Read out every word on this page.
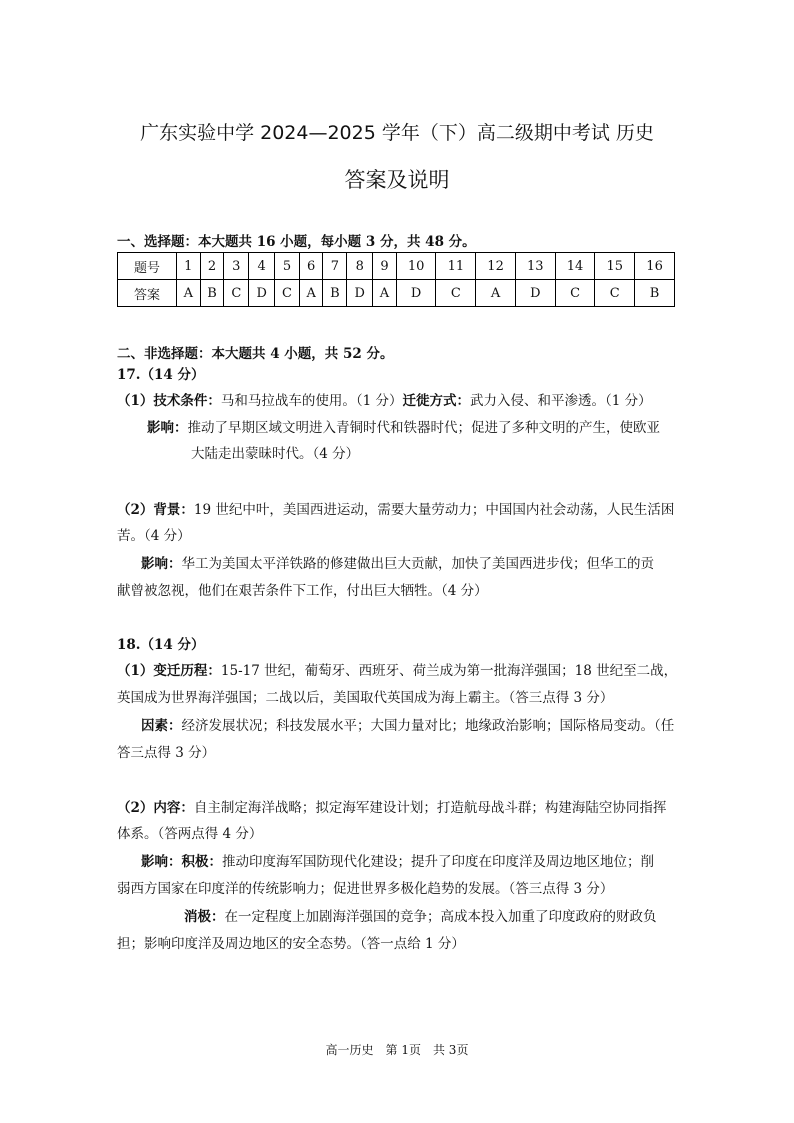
广东实验中学 2024—2025 学年（下）高二级期中考试 历史
答案及说明
一、选择题：本大题共 16 小题，每小题 3 分，共 48 分。
题号	1	2	3	4	5	6	7	8	9	10	11	12	13	14	15	16
答案	A	B	C	D	C	A	B	D	A	D	C	A	D	C	C	B
二、非选择题：本大题共 4 小题，共 52 分。
17.（14 分）
（1）技术条件：马和马拉战车的使用。（1 分）迁徙方式：武力入侵、和平渗透。（1 分）
影响：推动了早期区域文明进入青铜时代和铁器时代；促进了多种文明的产生，使欧亚
大陆走出蒙昧时代。（4 分）
（2）背景：19 世纪中叶，美国西进运动，需要大量劳动力；中国国内社会动荡，人民生活困
苦。（4 分）
影响：华工为美国太平洋铁路的修建做出巨大贡献，加快了美国西进步伐；但华工的贡
献曾被忽视，他们在艰苦条件下工作，付出巨大牺牲。（4 分）
18.（14 分）
（1）变迁历程：15-17 世纪，葡萄牙、西班牙、荷兰成为第一批海洋强国；18 世纪至二战，
英国成为世界海洋强国；二战以后，美国取代英国成为海上霸主。（答三点得 3 分）
因素：经济发展状况；科技发展水平；大国力量对比；地缘政治影响；国际格局变动。（任
答三点得 3 分）
（2）内容：自主制定海洋战略；拟定海军建设计划；打造航母战斗群；构建海陆空协同指挥
体系。（答两点得 4 分）
影响：积极：推动印度海军国防现代化建设；提升了印度在印度洋及周边地区地位；削
弱西方国家在印度洋的传统影响力；促进世界多极化趋势的发展。（答三点得 3 分）
消极：在一定程度上加剧海洋强国的竞争；高成本投入加重了印度政府的财政负
担；影响印度洋及周边地区的安全态势。（答一点给 1 分）
高一历史　第 1页　共 3页
